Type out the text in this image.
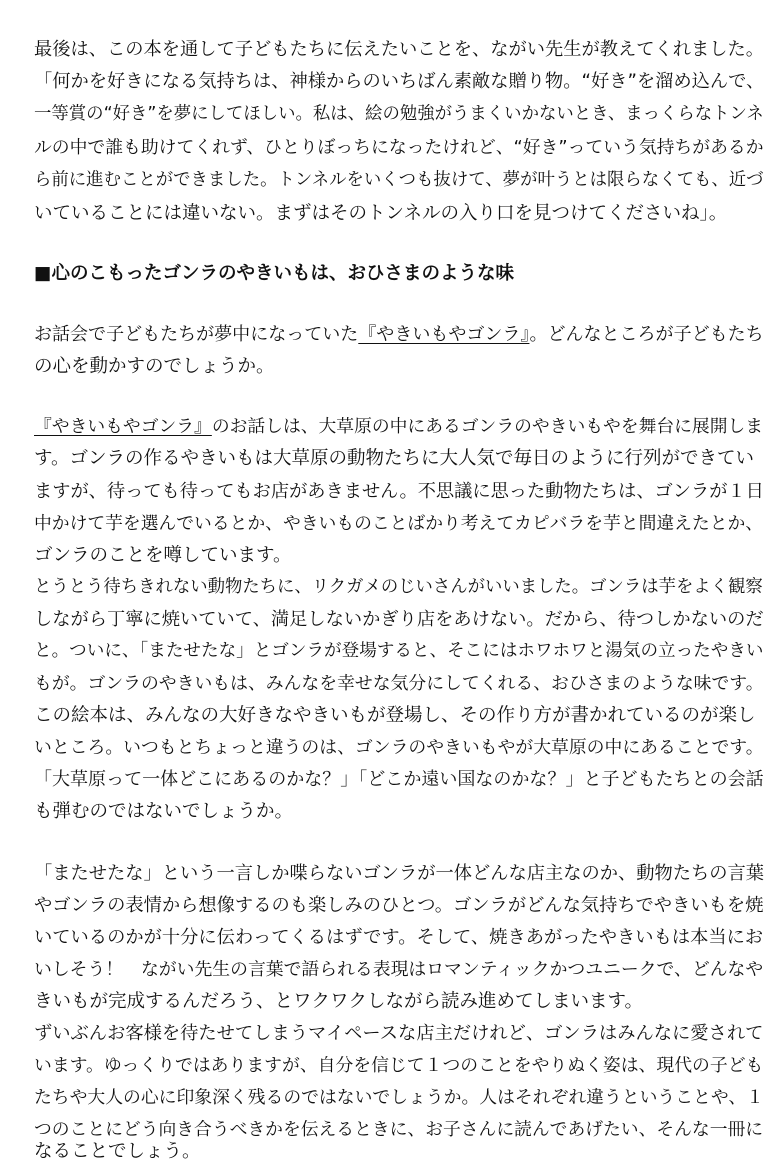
最後は、この本を通して子どもたちに伝えたいことを、ながい先生が教えてくれました。
「何かを好きになる気持ちは、神様からのいちばん素敵な贈り物。“好き”を溜め込んで、
一等賞の“好き”を夢にしてほしい。私は、絵の勉強がうまくいかないとき、まっくらなトンネ
ルの中で誰も助けてくれず、ひとりぼっちになったけれど、“好き”っていう気持ちがあるか
ら前に進むことができました。トンネルをいくつも抜けて、夢が叶うとは限らなくても、近づ
いていることには違いない。まずはそのトンネルの入り口を見つけてくださいね」。
■心のこもったゴンラのやきいもは、おひさまのような味
お話会で子どもたちが夢中になっていた『やきいもやゴンラ』。どんなところが子どもたち
の心を動かすのでしょうか。
『やきいもやゴンラ』のお話しは、大草原の中にあるゴンラのやきいもやを舞台に展開しま
す。ゴンラの作るやきいもは大草原の動物たちに大人気で毎日のように行列ができてい
ますが、待っても待ってもお店があきません。不思議に思った動物たちは、ゴンラが１日
中かけて芋を選んでいるとか、やきいものことばかり考えてカピバラを芋と間違えたとか、
ゴンラのことを噂しています。
とうとう待ちきれない動物たちに、リクガメのじいさんがいいました。ゴンラは芋をよく観察
しながら丁寧に焼いていて、満足しないかぎり店をあけない。だから、待つしかないのだ
と。ついに、「またせたな」とゴンラが登場すると、そこにはホワホワと湯気の立ったやきい
もが。ゴンラのやきいもは、みんなを幸せな気分にしてくれる、おひさまのような味です。
この絵本は、みんなの大好きなやきいもが登場し、その作り方が書かれているのが楽し
いところ。いつもとちょっと違うのは、ゴンラのやきいもやが大草原の中にあることです。
「大草原って一体どこにあるのかな？」「どこか遠い国なのかな？」と子どもたちとの会話
も弾むのではないでしょうか。
「またせたな」という一言しか喋らないゴンラが一体どんな店主なのか、動物たちの言葉
やゴンラの表情から想像するのも楽しみのひとつ。ゴンラがどんな気持ちでやきいもを焼
いているのかが十分に伝わってくるはずです。そして、焼きあがったやきいもは本当にお
いしそう！　ながい先生の言葉で語られる表現はロマンティックかつユニークで、どんなや
きいもが完成するんだろう、とワクワクしながら読み進めてしまいます。
ずいぶんお客様を待たせてしまうマイペースな店主だけれど、ゴンラはみんなに愛されて
います。ゆっくりではありますが、自分を信じて１つのことをやりぬく姿は、現代の子ども
たちや大人の心に印象深く残るのではないでしょうか。人はそれぞれ違うということや、１
つのことにどう向き合うべきかを伝えるときに、お子さんに読んであげたい、そんな一冊に
なることでしょう。
